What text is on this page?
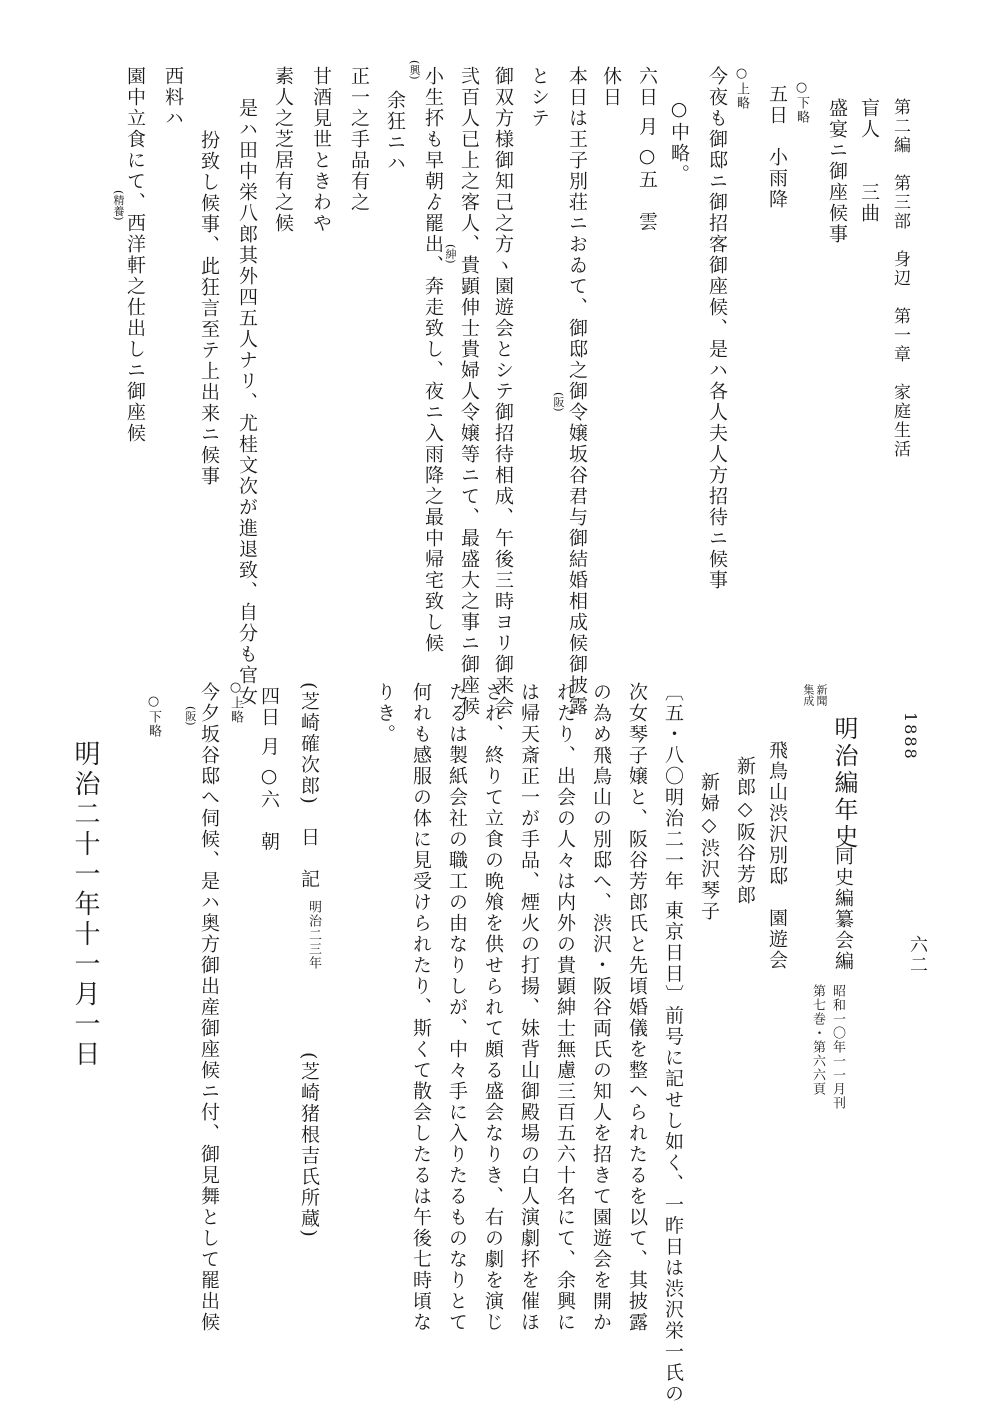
第二編　第三部　身辺　第一章　家庭生活
六二
盲人　　三曲
盛宴ニ御座候事
○下略
五日　小雨降
○上略
今夜も御邸ニ御招客御座候、是ハ各人夫人方招待ニ候事
○中略。
六日 月 ○五　雲
休日
本日は王子別荘ニおゐて、御邸之御令嬢坂谷君与御結婚相成候御披露
(阪)
とシテ
御双方様御知己之方ヽ園遊会とシテ御招待相成、午後三時ヨリ御来会
弐百人已上之客人、貴顕伸士貴婦人令嬢等ニて、最盛大之事ニ御座候
(紳)
小生抔も早朝ゟ罷出、奔走致し、夜ニ入雨降之最中帰宅致し候
余狂ニハ
(興)
正一之手品有之
甘酒見世ときわや
素人之芝居有之候
是ハ田中栄八郎其外四五人ナリ、尤桂文次が進退致、自分も官女
扮致し候事、此狂言至テ上出来ニ候事
西料ハ
園中立食にて、西洋軒之仕出しニ御座候
(精養)
新聞集成
明治編年史
同史編纂会編
第七巻・第六六頁 昭和一〇年一一月刊
飛鳥山渋沢別邸　園遊会
新郎◇阪谷芳郎
新婦◇渋沢琴子
〔五・八〇明治二一年 東京日日〕前号に記せし如く、一昨日は渋沢栄一氏の
次女琴子嬢と、阪谷芳郎氏と先頃婚儀を整へられたるを以て、其披露
の為め飛鳥山の別邸へ、渋沢・阪谷両氏の知人を招きて園遊会を開か
れたり、出会の人々は内外の貴顕紳士無慮三百五六十名にて、余興に
は帰天斎正一が手品、煙火の打揚、妹背山御殿場の白人演劇抔を催ほ
され、終りて立食の晩飧を供せられて頗る盛会なりき、右の劇を演じ
たるは製紙会社の職工の由なりしが、中々手に入りたるものなりとて
何れも感服の体に見受けられたり、斯くて散会したるは午後七時頃な
りき。
(芝崎確次郎)　日　記
明治二三年
(芝崎猪根吉氏所蔵)
四日 月 ○六　朝
○上略
今夕坂谷邸へ伺候、是ハ奥方御出産御座候ニ付、御見舞として罷出候
(阪)
○下略	1888
明治二十一年十一月一日
